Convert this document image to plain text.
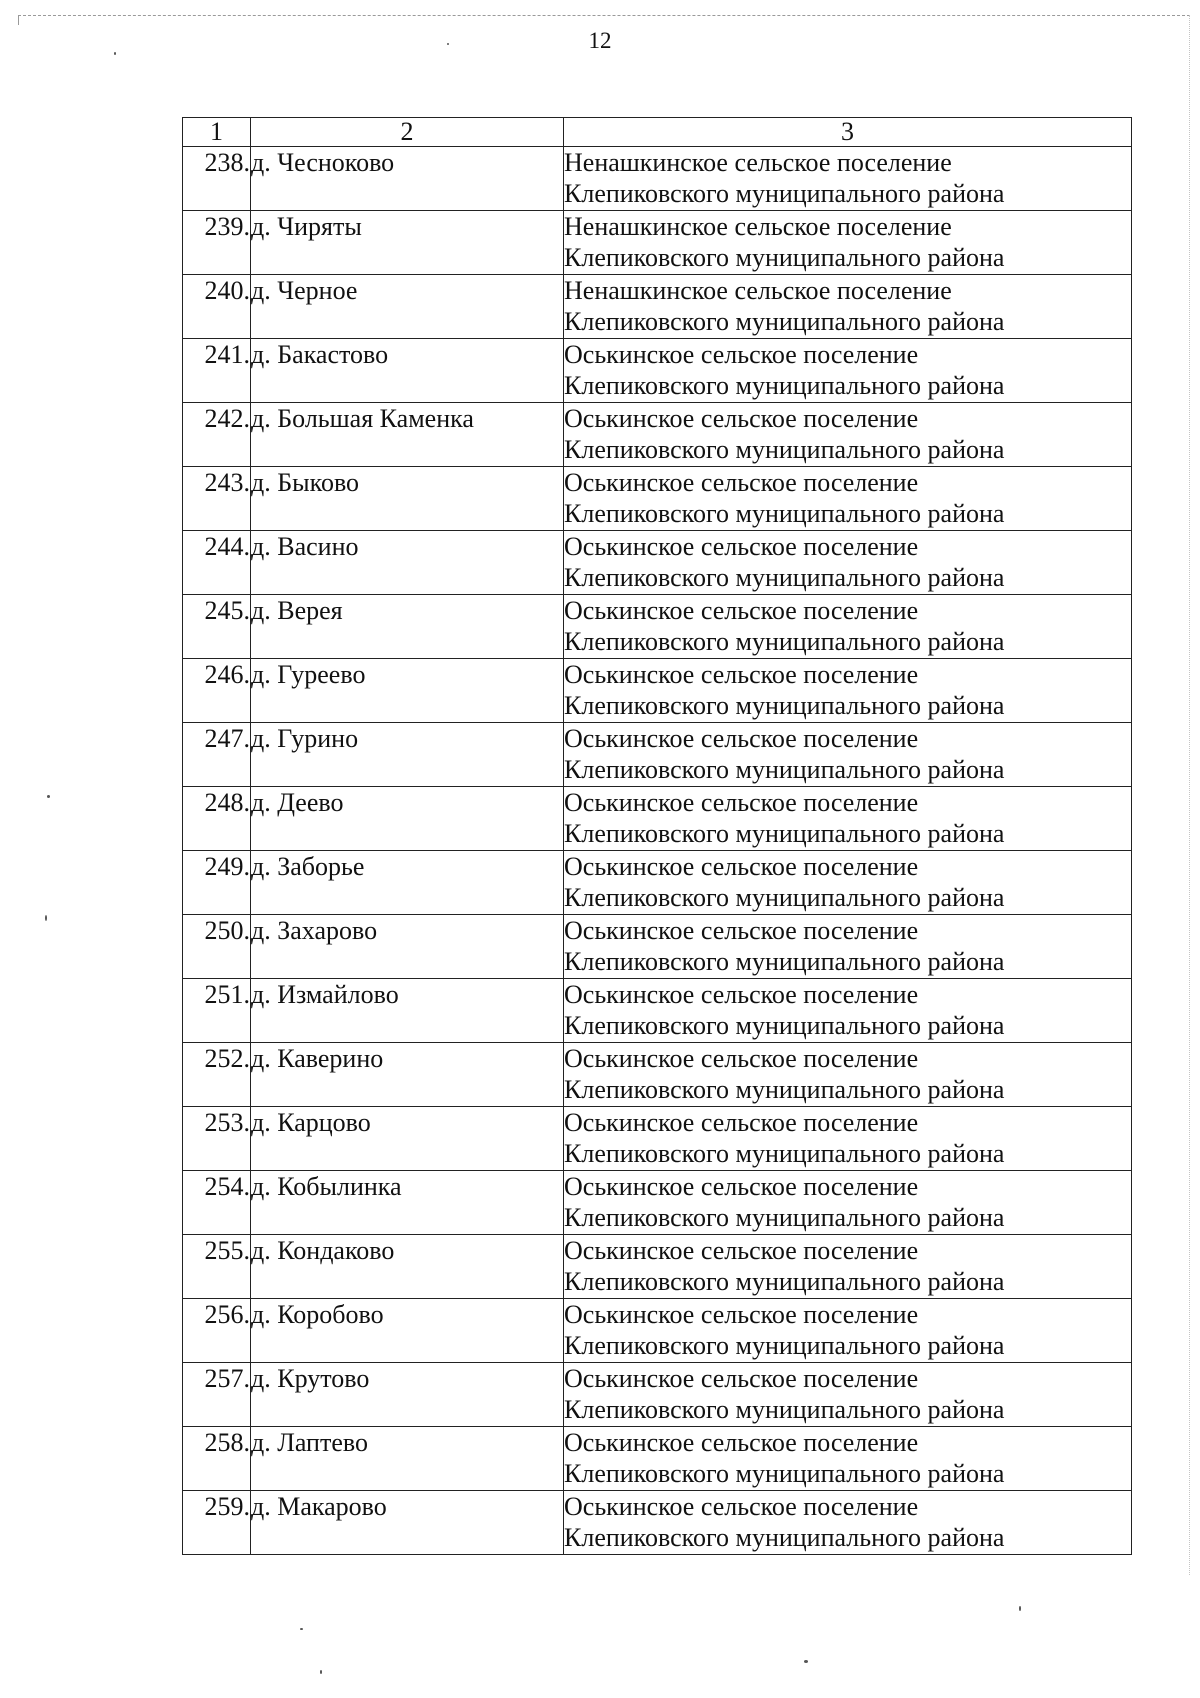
12
1	2	3
238.	д. Чесноково	Ненашкинское сельское поселение
Клепиковского муниципального района

239.	д. Чиряты	Ненашкинское сельское поселение
Клепиковского муниципального района

240.	д. Черное	Ненашкинское сельское поселение
Клепиковского муниципального района

241.	д. Бакастово	Оськинское сельское поселение
Клепиковского муниципального района

242.	д. Большая Каменка	Оськинское сельское поселение
Клепиковского муниципального района

243.	д. Быково	Оськинское сельское поселение
Клепиковского муниципального района

244.	д. Васино	Оськинское сельское поселение
Клепиковского муниципального района

245.	д. Верея	Оськинское сельское поселение
Клепиковского муниципального района

246.	д. Гуреево	Оськинское сельское поселение
Клепиковского муниципального района

247.	д. Гурино	Оськинское сельское поселение
Клепиковского муниципального района

248.	д. Деево	Оськинское сельское поселение
Клепиковского муниципального района

249.	д. Заборье	Оськинское сельское поселение
Клепиковского муниципального района

250.	д. Захарово	Оськинское сельское поселение
Клепиковского муниципального района

251.	д. Измайлово	Оськинское сельское поселение
Клепиковского муниципального района

252.	д. Каверино	Оськинское сельское поселение
Клепиковского муниципального района

253.	д. Карцово	Оськинское сельское поселение
Клепиковского муниципального района

254.	д. Кобылинка	Оськинское сельское поселение
Клепиковского муниципального района

255.	д. Кондаково	Оськинское сельское поселение
Клепиковского муниципального района

256.	д. Коробово	Оськинское сельское поселение
Клепиковского муниципального района

257.	д. Крутово	Оськинское сельское поселение
Клепиковского муниципального района

258.	д. Лаптево	Оськинское сельское поселение
Клепиковского муниципального района

259.	д. Макарово	Оськинское сельское поселение
Клепиковского муниципального района
